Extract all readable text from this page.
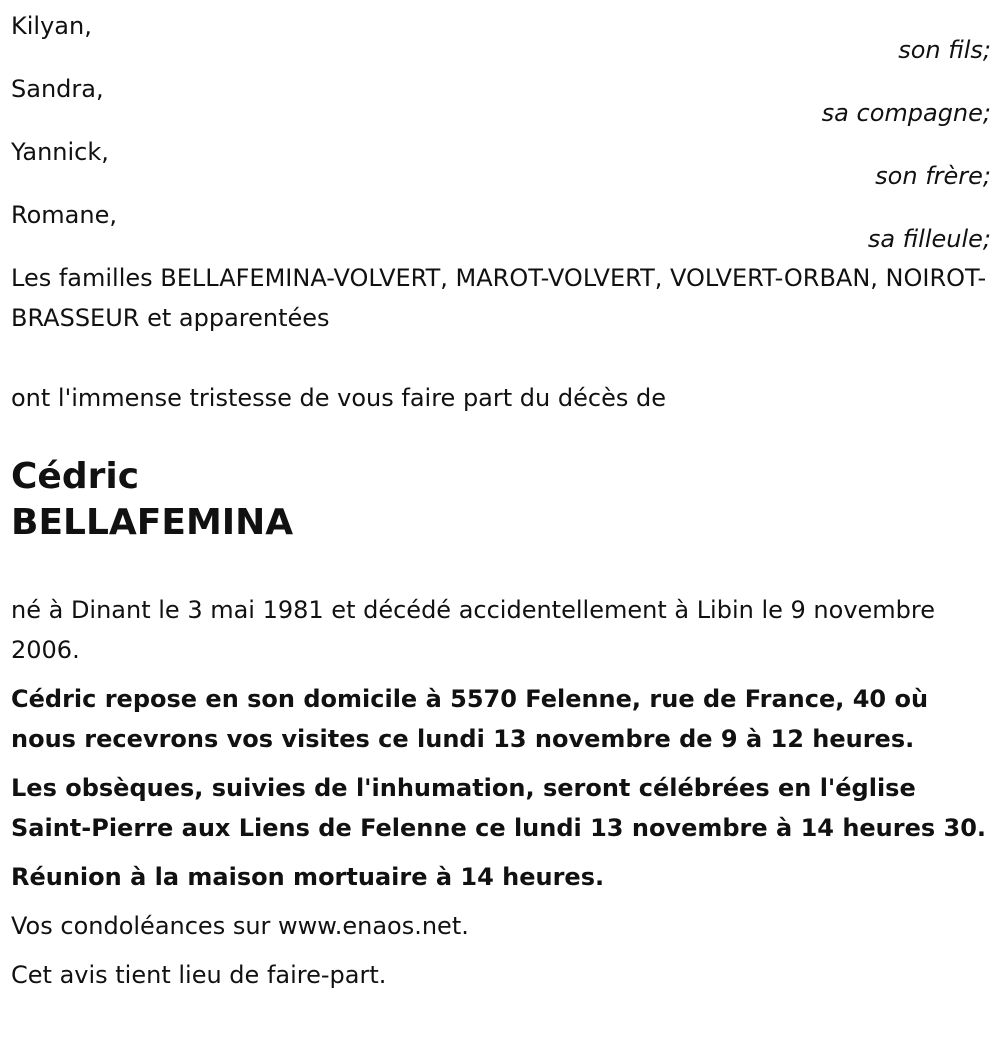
Kilyan,
son fils;
Sandra,
sa compagne;
Yannick,
son frère;
Romane,
sa filleule;
Les familles BELLAFEMINA-VOLVERT, MAROT-VOLVERT, VOLVERT-ORBAN, NOIROT-BRASSEUR et apparentées
ont l'immense tristesse de vous faire part du décès de
Cédric
BELLAFEMINA
né à Dinant le 3 mai 1981 et décédé accidentellement à Libin le 9 novembre 2006.
Cédric repose en son domicile à 5570 Felenne, rue de France, 40 où nous recevrons vos visites ce lundi 13 novembre de 9 à 12 heures.
Les obsèques, suivies de l'inhumation, seront célébrées en l'église Saint-Pierre aux Liens de Felenne ce lundi 13 novembre à 14 heures 30.
Réunion à la maison mortuaire à 14 heures.
Vos condoléances sur www.enaos.net.
Cet avis tient lieu de faire-part.
